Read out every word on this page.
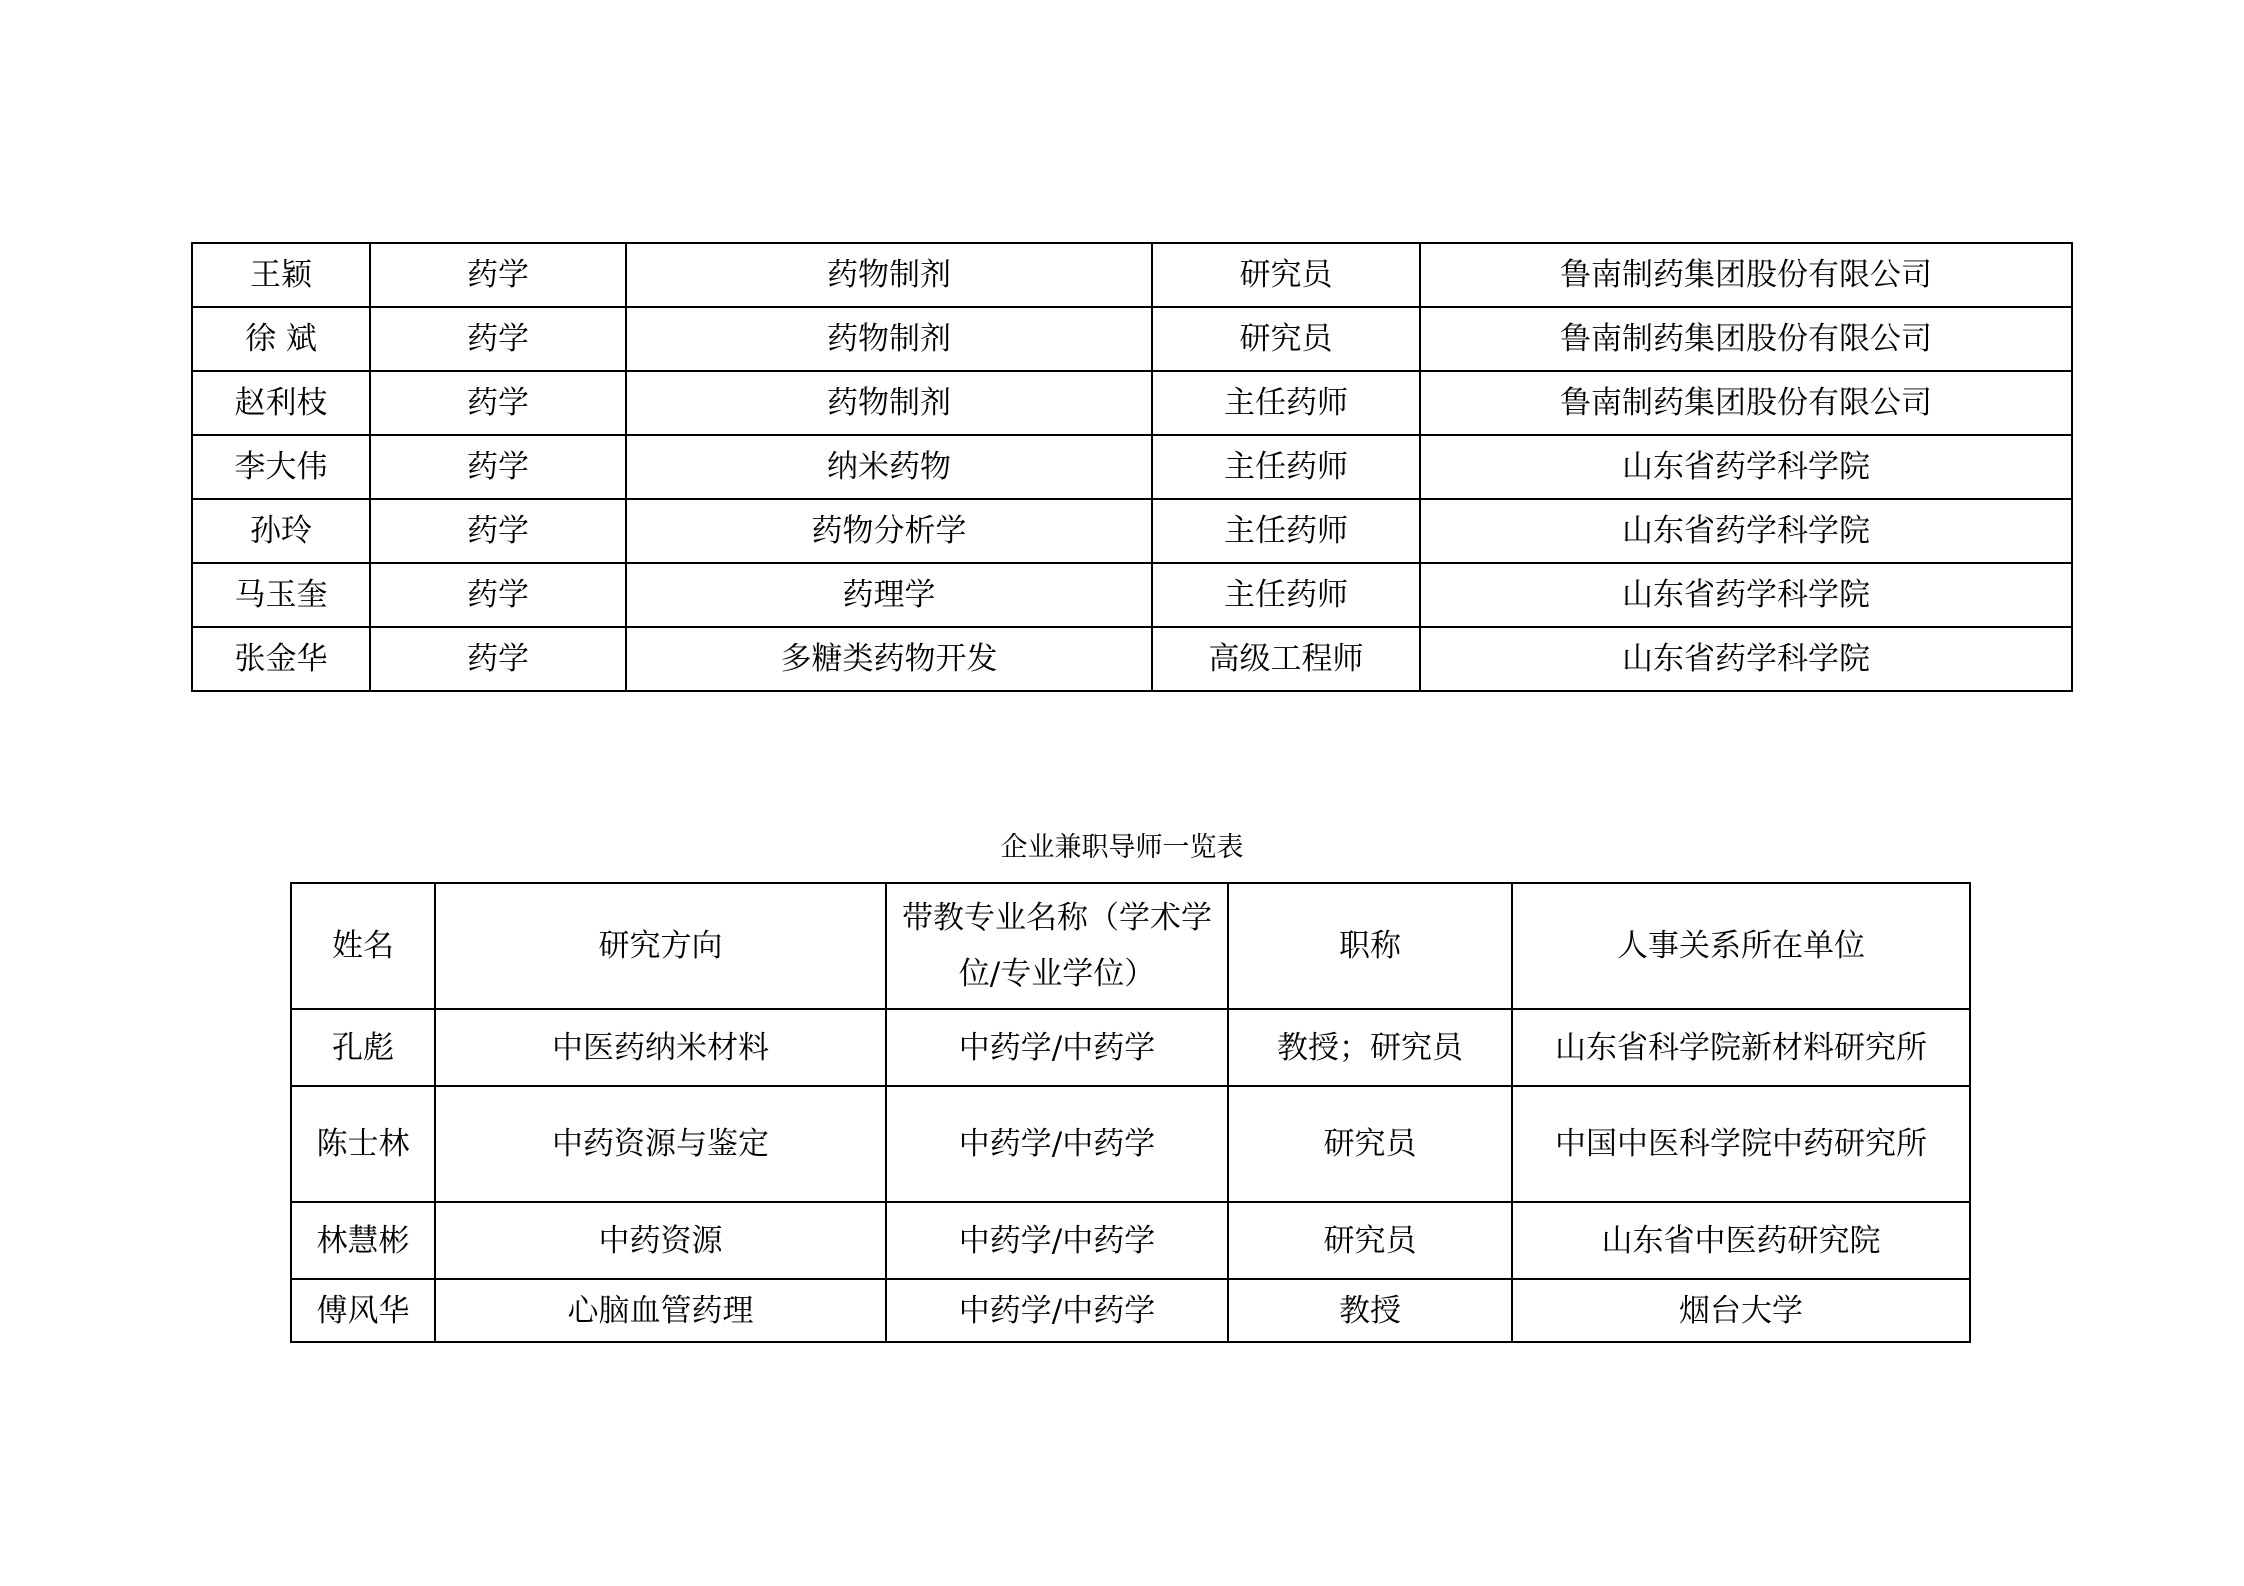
王颖	药学	药物制剂	研究员	鲁南制药集团股份有限公司
徐 斌	药学	药物制剂	研究员	鲁南制药集团股份有限公司
赵利枝	药学	药物制剂	主任药师	鲁南制药集团股份有限公司
李大伟	药学	纳米药物	主任药师	山东省药学科学院
孙玲	药学	药物分析学	主任药师	山东省药学科学院
马玉奎	药学	药理学	主任药师	山东省药学科学院
张金华	药学	多糖类药物开发	高级工程师	山东省药学科学院
企业兼职导师一览表
姓名	研究方向	带教专业名称（学术学位/专业学位）	职称	人事关系所在单位
孔彪	中医药纳米材料	中药学/中药学	教授；研究员	山东省科学院新材料研究所
陈士林	中药资源与鉴定	中药学/中药学	研究员	中国中医科学院中药研究所
林慧彬	中药资源	中药学/中药学	研究员	山东省中医药研究院
傅风华	心脑血管药理	中药学/中药学	教授	烟台大学
